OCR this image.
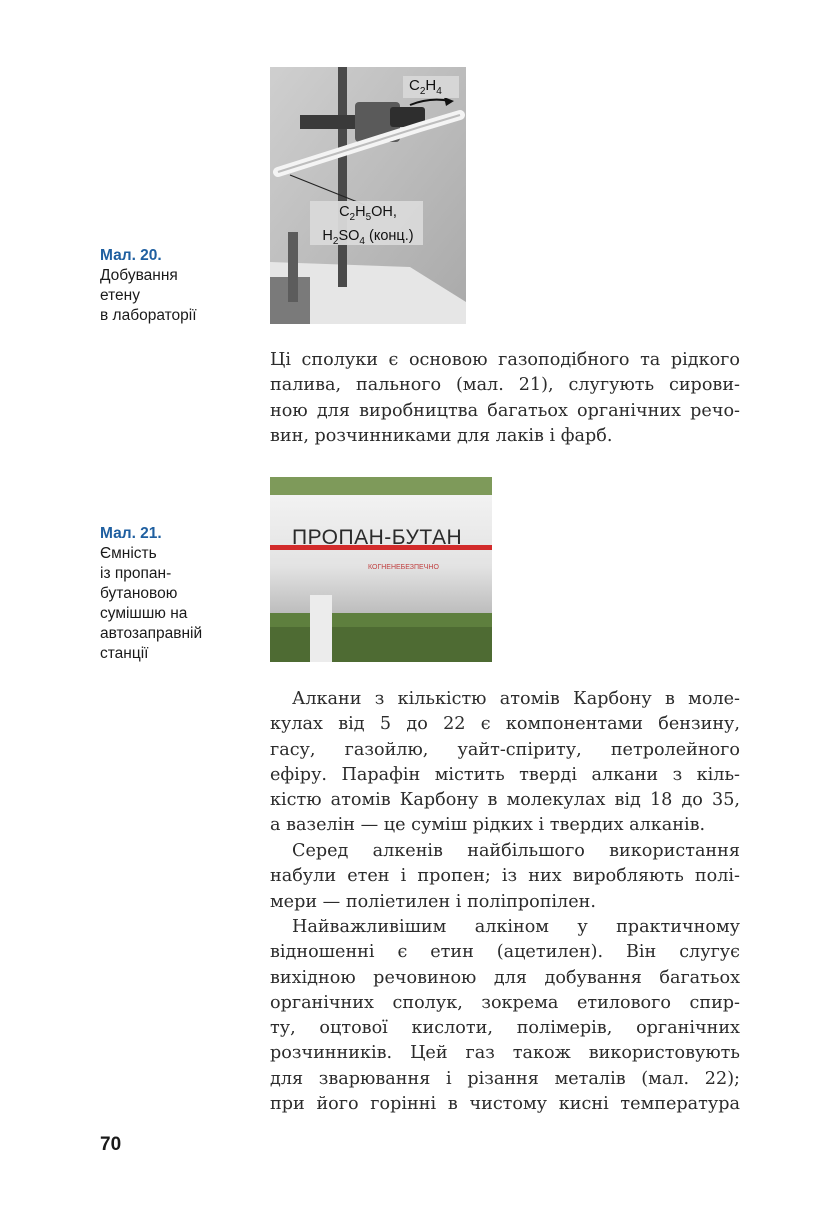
$C_2H_4$
$C_2H_5OH$,
$H_2SO_4$ (конц.)
Мал. 20.
Добування
етену
в лабораторії
Ці сполуки є основою газоподібного та рідкого
палива, пального (мал. 21), слугують сирови-
ною для виробництва багатьох органічних речо-
вин, розчинниками для лаків і фарб.
КОГНЕНЕБЕЗПЕЧНО
ПРОПАН-БУТАН
Мал. 21.
Ємність
із пропан-
бутановою
сумішшю на
автозаправній
станції
Алкани з кількістю атомів Карбону в моле-
кулах від 5 до 22 є компонентами бензину,
гасу, газойлю, уайт-спіриту, петролейного
ефіру. Парафін містить тверді алкани з кіль-
кістю атомів Карбону в молекулах від 18 до 35,
а вазелін — це суміш рідких і твердих алканів.
Серед алкенів найбільшого використання
набули етен і пропен; із них виробляють полі-
мери — поліетилен і поліпропілен.
Найважливішим алкіном у практичному
відношенні є етин (ацетилен). Він слугує
вихідною речовиною для добування багатьох
органічних сполук, зокрема етилового спир-
ту, оцтової кислоти, полімерів, органічних
розчинників. Цей газ також використовують
для зварювання і різання металів (мал. 22);
при його горінні в чистому кисні температура
70
